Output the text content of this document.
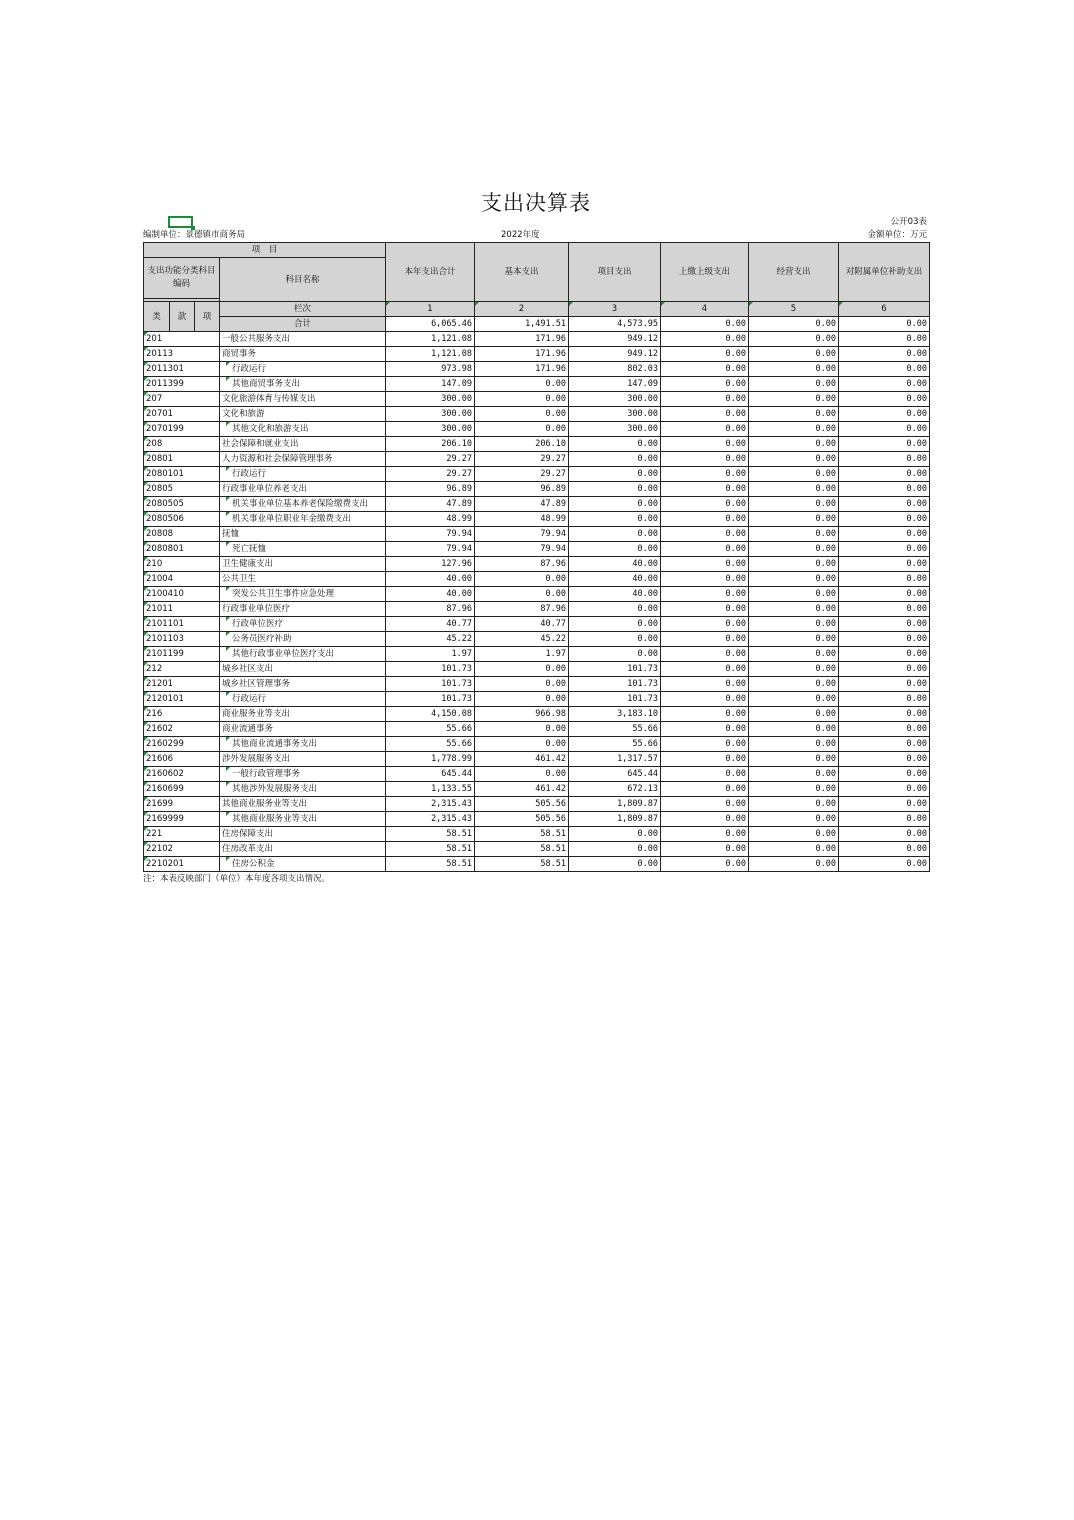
支出决算表
公开03表
编制单位：景德镇市商务局	2022年度	金额单位：万元
项　目				本年支出合计	基本支出	项目支出	上缴上级支出	经营支出	对附属单位补助支出
支出功能分类科目编码			科目名称						

类	款	项	栏次	1	2	3	4	5	6
			合计	6,065.46	1,491.51	4,573.95	0.00	0.00	0.00

201			一般公共服务支出	1,121.08	171.96	949.12	0.00	0.00	0.00

20113			商贸事务	1,121.08	171.96	949.12	0.00	0.00	0.00

2011301			行政运行	973.98	171.96	802.03	0.00	0.00	0.00

2011399			其他商贸事务支出	147.09	0.00	147.09	0.00	0.00	0.00

207			文化旅游体育与传媒支出	300.00	0.00	300.00	0.00	0.00	0.00

20701			文化和旅游	300.00	0.00	300.00	0.00	0.00	0.00

2070199			其他文化和旅游支出	300.00	0.00	300.00	0.00	0.00	0.00

208			社会保障和就业支出	206.10	206.10	0.00	0.00	0.00	0.00

20801			人力资源和社会保障管理事务	29.27	29.27	0.00	0.00	0.00	0.00

2080101			行政运行	29.27	29.27	0.00	0.00	0.00	0.00

20805			行政事业单位养老支出	96.89	96.89	0.00	0.00	0.00	0.00

2080505			机关事业单位基本养老保险缴费支出	47.89	47.89	0.00	0.00	0.00	0.00

2080506			机关事业单位职业年金缴费支出	48.99	48.99	0.00	0.00	0.00	0.00

20808			抚恤	79.94	79.94	0.00	0.00	0.00	0.00

2080801			死亡抚恤	79.94	79.94	0.00	0.00	0.00	0.00

210			卫生健康支出	127.96	87.96	40.00	0.00	0.00	0.00

21004			公共卫生	40.00	0.00	40.00	0.00	0.00	0.00

2100410			突发公共卫生事件应急处理	40.00	0.00	40.00	0.00	0.00	0.00

21011			行政事业单位医疗	87.96	87.96	0.00	0.00	0.00	0.00

2101101			行政单位医疗	40.77	40.77	0.00	0.00	0.00	0.00

2101103			公务员医疗补助	45.22	45.22	0.00	0.00	0.00	0.00

2101199			其他行政事业单位医疗支出	1.97	1.97	0.00	0.00	0.00	0.00

212			城乡社区支出	101.73	0.00	101.73	0.00	0.00	0.00

21201			城乡社区管理事务	101.73	0.00	101.73	0.00	0.00	0.00

2120101			行政运行	101.73	0.00	101.73	0.00	0.00	0.00

216			商业服务业等支出	4,150.08	966.98	3,183.10	0.00	0.00	0.00

21602			商业流通事务	55.66	0.00	55.66	0.00	0.00	0.00

2160299			其他商业流通事务支出	55.66	0.00	55.66	0.00	0.00	0.00

21606			涉外发展服务支出	1,778.99	461.42	1,317.57	0.00	0.00	0.00

2160602			一般行政管理事务	645.44	0.00	645.44	0.00	0.00	0.00

2160699			其他涉外发展服务支出	1,133.55	461.42	672.13	0.00	0.00	0.00

21699			其他商业服务业等支出	2,315.43	505.56	1,809.87	0.00	0.00	0.00

2169999			其他商业服务业等支出	2,315.43	505.56	1,809.87	0.00	0.00	0.00

221			住房保障支出	58.51	58.51	0.00	0.00	0.00	0.00

22102			住房改革支出	58.51	58.51	0.00	0.00	0.00	0.00

2210201			住房公积金	58.51	58.51	0.00	0.00	0.00	0.00
注：本表反映部门（单位）本年度各项支出情况。
